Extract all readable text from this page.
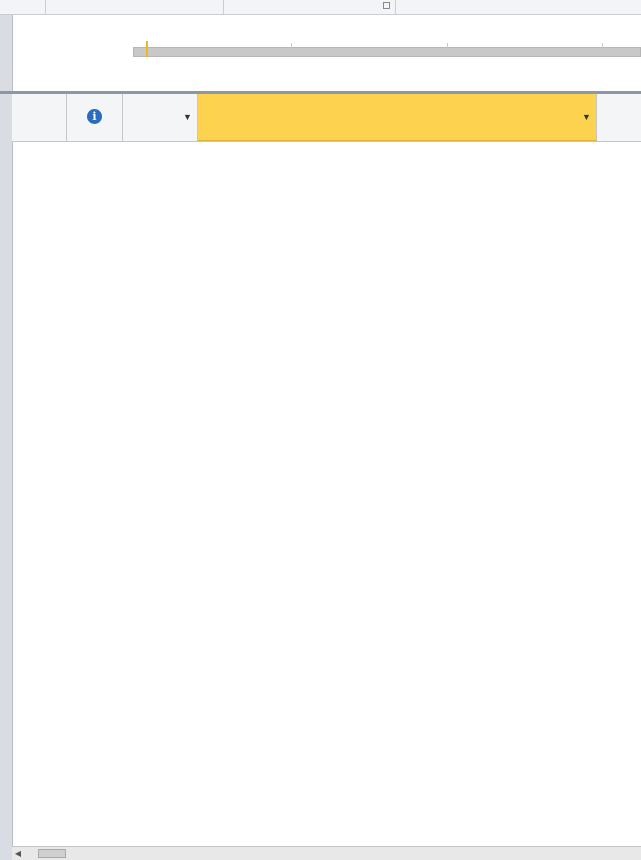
i	▼	▼
◀
